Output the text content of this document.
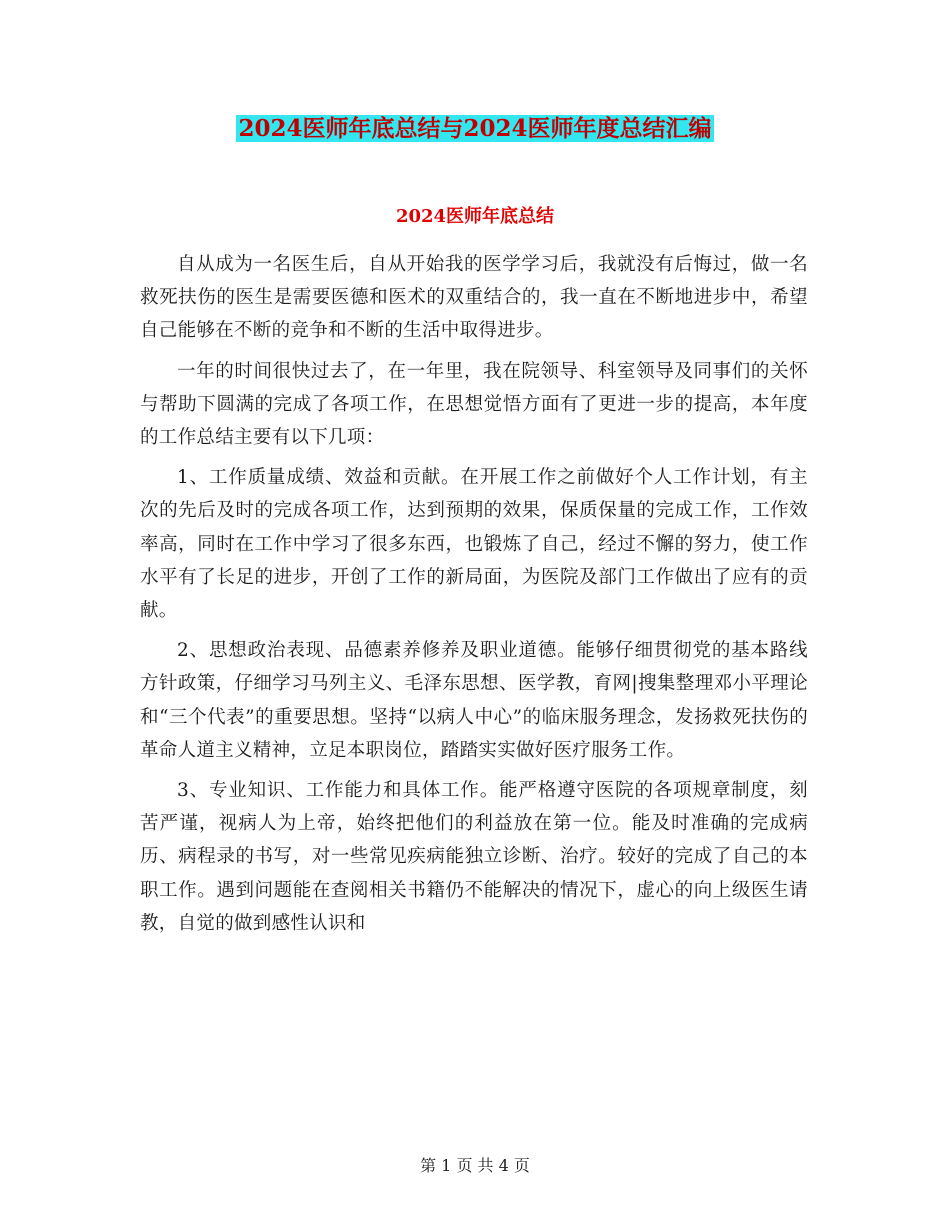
2024医师年底总结与2024医师年度总结汇编
2024医师年底总结

自从成为一名医生后，自从开始我的医学学习后，我就没有后悔过，做一名救死扶伤的医生是需要医德和医术的双重结合的，我一直在不断地进步中，希望自己能够在不断的竞争和不断的生活中取得进步。

一年的时间很快过去了，在一年里，我在院领导、科室领导及同事们的关怀与帮助下圆满的完成了各项工作，在思想觉悟方面有了更进一步的提高，本年度的工作总结主要有以下几项：

1、工作质量成绩、效益和贡献。在开展工作之前做好个人工作计划，有主次的先后及时的完成各项工作，达到预期的效果，保质保量的完成工作，工作效率高，同时在工作中学习了很多东西，也锻炼了自己，经过不懈的努力，使工作水平有了长足的进步，开创了工作的新局面，为医院及部门工作做出了应有的贡献。

2、思想政治表现、品德素养修养及职业道德。能够仔细贯彻党的基本路线方针政策，仔细学习马列主义、毛泽东思想、医学教，育网|搜集整理邓小平理论和“三个代表”的重要思想。坚持“以病人中心”的临床服务理念，发扬救死扶伤的革命人道主义精神，立足本职岗位，踏踏实实做好医疗服务工作。

3、专业知识、工作能力和具体工作。能严格遵守医院的各项规章制度，刻苦严谨，视病人为上帝，始终把他们的利益放在第一位。能及时准确的完成病历、病程录的书写，对一些常见疾病能独立诊断、治疗。较好的完成了自己的本职工作。遇到问题能在查阅相关书籍仍不能解决的情况下，虚心的向上级医生请教，自觉的做到感性认识和

第 1 页 共 4 页
